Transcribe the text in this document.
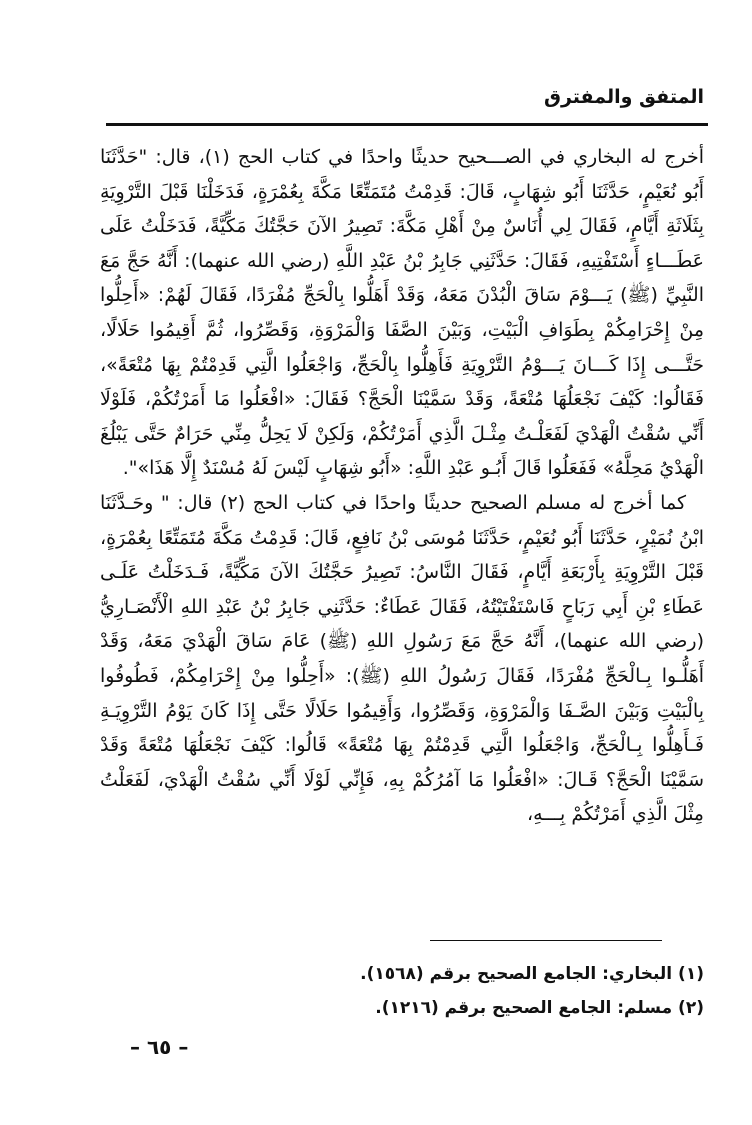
المتفق والمفترق

أخرج له البخاري في الصـــحيح حديثًا واحدًا في كتاب الحج (١)، قال: "حَدَّثَنَا أَبُو نُعَيْمٍ، حَدَّثَنَا أَبُو شِهَابٍ، قَالَ: قَدِمْتُ مُتَمَتِّعًا مَكَّةَ بِعُمْرَةٍ، فَدَخَلْنَا قَبْلَ التَّرْوِيَةِ بِثَلَاثَةِ أَيَّامٍ، فَقَالَ لِي أُنَاسٌ مِنْ أَهْلِ مَكَّةَ: تَصِيرُ الآنَ حَجَّتُكَ مَكِّيَّةً، فَدَخَلْتُ عَلَى عَطَـــاءٍ أَسْتَفْتِيهِ، فَقَالَ: حَدَّثَنِي جَابِرُ بْنُ عَبْدِ اللَّهِ (رضي الله عنهما): أَنَّهُ حَجَّ مَعَ النَّبِيِّ (ﷺ) يَـــوْمَ سَاقَ الْبُدْنَ مَعَهُ، وَقَدْ أَهَلُّوا بِالْحَجِّ مُفْرَدًا، فَقَالَ لَهُمْ: «أَحِلُّوا مِنْ إِحْرَامِكُمْ بِطَوَافِ الْبَيْتِ، وَبَيْنَ الصَّفَا وَالْمَرْوَةِ، وَقَصِّرُوا، ثُمَّ أَقِيمُوا حَلَالًا، حَتَّـــى إِذَا كَـــانَ يَـــوْمُ التَّرْوِيَةِ فَأَهِلُّوا بِالْحَجِّ، وَاجْعَلُوا الَّتِي قَدِمْتُمْ بِهَا مُتْعَةً»، فَقَالُوا: كَيْفَ نَجْعَلُهَا مُتْعَةً، وَقَدْ سَمَّيْنَا الْحَجَّ؟ فَقَالَ: «افْعَلُوا مَا أَمَرْتُكُمْ، فَلَوْلَا أَنِّي سُقْتُ الْهَدْيَ لَفَعَلْـتُ مِثْـلَ الَّذِي أَمَرْتُكُمْ، وَلَكِنْ لَا يَحِلُّ مِنِّي حَرَامٌ حَتَّى يَبْلُغَ الْهَدْيُ مَحِلَّهُ» فَفَعَلُوا قَالَ أَبُـو عَبْدِ اللَّهِ: «أَبُو شِهَابٍ لَيْسَ لَهُ مُسْنَدٌ إِلَّا هَذَا»".

كما أخرج له مسلم الصحيح حديثًا واحدًا في كتاب الحج (٢) قال: " وحَـدَّثَنَا ابْنُ نُمَيْرٍ، حَدَّثَنَا أَبُو نُعَيْمٍ، حَدَّثَنَا مُوسَى بْنُ نَافِعٍ، قَالَ: قَدِمْتُ مَكَّةَ مُتَمَتِّعًا بِعُمْرَةٍ، قَبْلَ التَّرْوِيَةِ بِأَرْبَعَةِ أَيَّامٍ، فَقَالَ النَّاسُ: تَصِيرُ حَجَّتُكَ الآنَ مَكِّيَّةً، فَـدَخَلْتُ عَلَـى عَطَاءِ بْنِ أَبِي رَبَاحٍ فَاسْتَفْتَيْتُهُ، فَقَالَ عَطَاءٌ: حَدَّثَنِي جَابِرُ بْنُ عَبْدِ اللهِ الْأَنْصَـارِيُّ (رضي الله عنهما)، أَنَّهُ حَجَّ مَعَ رَسُولِ اللهِ (ﷺ) عَامَ سَاقَ الْهَدْيَ مَعَهُ، وَقَدْ أَهَلُّـوا بِـالْحَجِّ مُفْرَدًا، فَقَالَ رَسُولُ اللهِ (ﷺ): «أَحِلُّوا مِنْ إِحْرَامِكُمْ، فَطُوفُوا بِالْبَيْتِ وَبَيْنَ الصَّـفَا وَالْمَرْوَةِ، وَقَصِّرُوا، وَأَقِيمُوا حَلَالًا حَتَّى إِذَا كَانَ يَوْمُ التَّرْوِيَـةِ فَـأَهِلُّوا بِـالْحَجِّ، وَاجْعَلُوا الَّتِي قَدِمْتُمْ بِهَا مُتْعَةً» قَالُوا: كَيْفَ نَجْعَلُهَا مُتْعَةً وَقَدْ سَمَّيْنَا الْحَجَّ؟ قَـالَ: «افْعَلُوا مَا آمُرُكُمْ بِهِ، فَإِنِّي لَوْلَا أَنِّي سُقْتُ الْهَدْيَ، لَفَعَلْتُ مِثْلَ الَّذِي أَمَرْتُكُمْ بِـــهِ،

(١) البخاري: الجامع الصحيح برقم (١٥٦٨).
(٢) مسلم: الجامع الصحيح برقم (١٢١٦).
– ٦٥ –
